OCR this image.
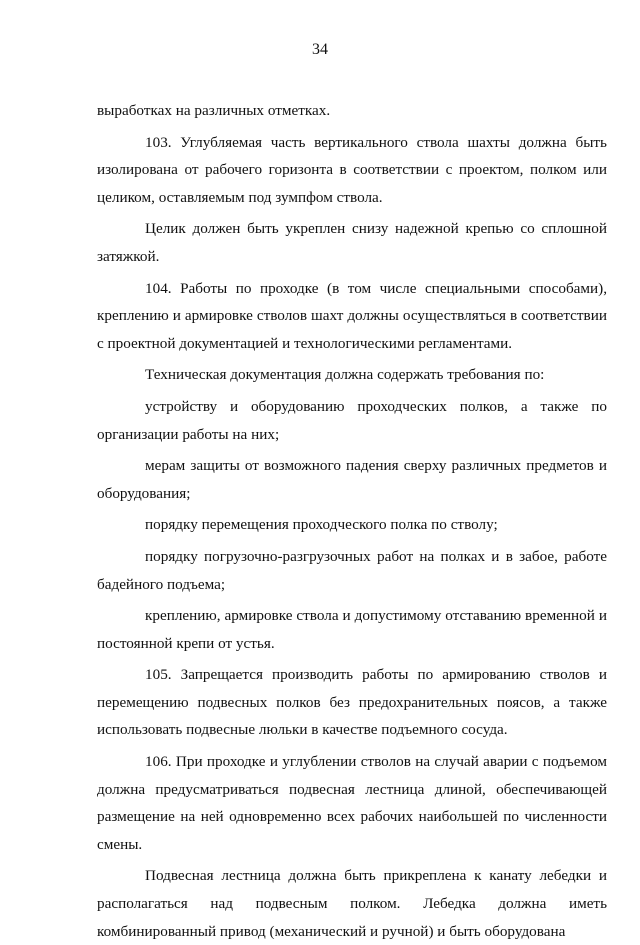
34

выработках на различных отметках.

103. Углубляемая часть вертикального ствола шахты должна быть изолирована от рабочего горизонта в соответствии с проектом, полком или целиком, оставляемым под зумпфом ствола.

Целик должен быть укреплен снизу надежной крепью со сплошной затяжкой.

104. Работы по проходке (в том числе специальными способами), креплению и армировке стволов шахт должны осуществляться в соответствии с проектной документацией и технологическими регламентами.

Техническая документация должна содержать требования по:

устройству и оборудованию проходческих полков, а также по организации работы на них;

мерам защиты от возможного падения сверху различных предметов и оборудования;

порядку перемещения проходческого полка по стволу;

порядку погрузочно-разгрузочных работ на полках и в забое, работе бадейного подъема;

креплению, армировке ствола и допустимому отставанию временной и постоянной крепи от устья.

105. Запрещается производить работы по армированию стволов и перемещению подвесных полков без предохранительных поясов, а также использовать подвесные люльки в качестве подъемного сосуда.

106. При проходке и углублении стволов на случай аварии с подъемом должна предусматриваться подвесная лестница длиной, обеспечивающей размещение на ней одновременно всех рабочих наибольшей по численности смены.

Подвесная лестница должна быть прикреплена к канату лебедки и располагаться над подвесным полком. Лебедка должна иметь комбинированный привод (механический и ручной) и быть оборудована
